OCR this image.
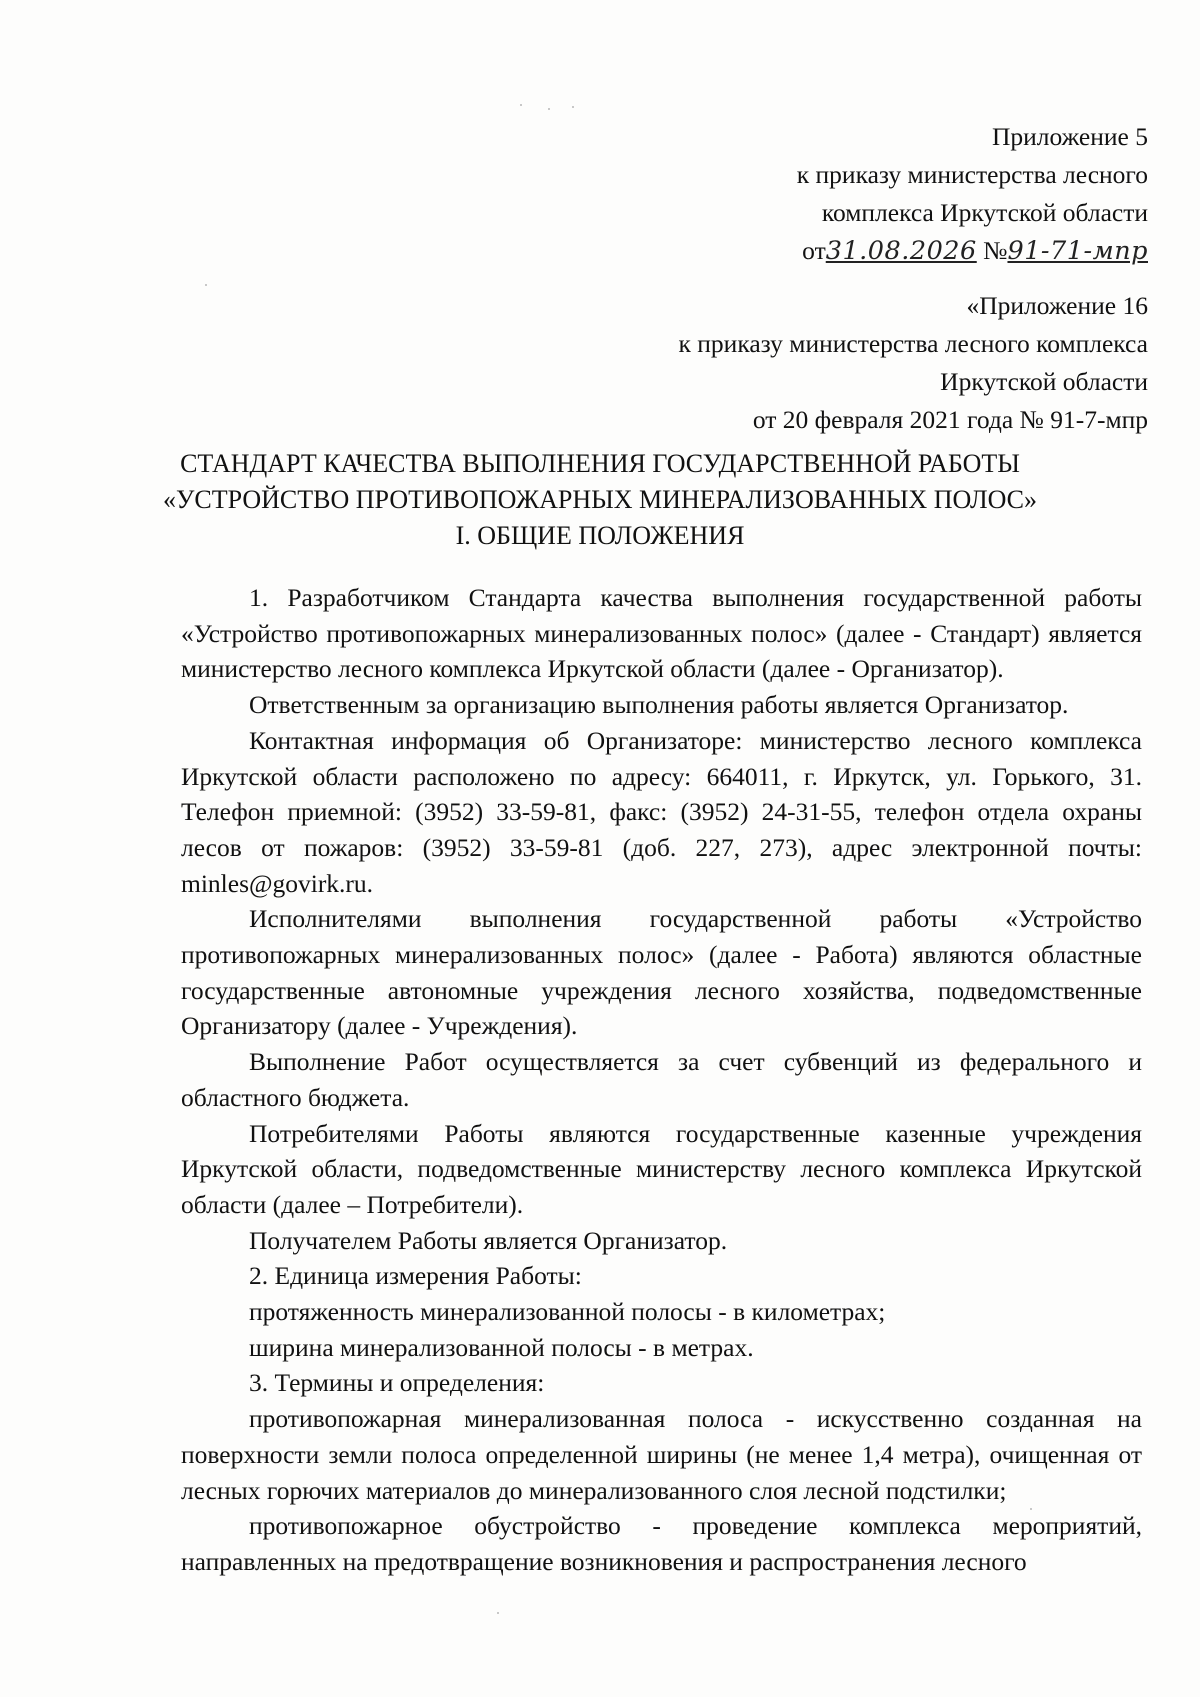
Приложение 5
к приказу министерства лесного
комплекса Иркутской области
от31.08.2026 №91-71-мпр
«Приложение 16
к приказу министерства лесного комплекса
Иркутской области
от 20 февраля 2021 года № 91-7-мпр
СТАНДАРТ КАЧЕСТВА ВЫПОЛНЕНИЯ ГОСУДАРСТВЕННОЙ РАБОТЫ
«УСТРОЙСТВО ПРОТИВОПОЖАРНЫХ МИНЕРАЛИЗОВАННЫХ ПОЛОС»
I. ОБЩИЕ ПОЛОЖЕНИЯ

1. Разработчиком Стандарта качества выполнения государственной работы «Устройство противопожарных минерализованных полос» (далее - Стандарт) является министерство лесного комплекса Иркутской области (далее - Организатор).

Ответственным за организацию выполнения работы является Организатор.

Контактная информация об Организаторе: министерство лесного комплекса Иркутской области расположено по адресу: 664011, г. Иркутск, ул. Горького, 31. Телефон приемной: (3952) 33-59-81, факс: (3952) 24-31-55, телефон отдела охраны лесов от пожаров: (3952) 33-59-81 (доб. 227, 273), адрес электронной почты: minles@govirk.ru.

Исполнителями выполнения государственной работы «Устройство противопожарных минерализованных полос» (далее - Работа) являются областные государственные автономные учреждения лесного хозяйства, подведомственные Организатору (далее - Учреждения).

Выполнение Работ осуществляется за счет субвенций из федерального и областного бюджета.

Потребителями Работы являются государственные казенные учреждения Иркутской области, подведомственные министерству лесного комплекса Иркутской области (далее – Потребители).

Получателем Работы является Организатор.

2. Единица измерения Работы:

протяженность минерализованной полосы - в километрах;

ширина минерализованной полосы - в метрах.

3. Термины и определения:

противопожарная минерализованная полоса - искусственно созданная на поверхности земли полоса определенной ширины (не менее 1,4 метра), очищенная от лесных горючих материалов до минерализованного слоя лесной подстилки;

противопожарное обустройство - проведение комплекса мероприятий, направленных на предотвращение возникновения и распространения лесного
